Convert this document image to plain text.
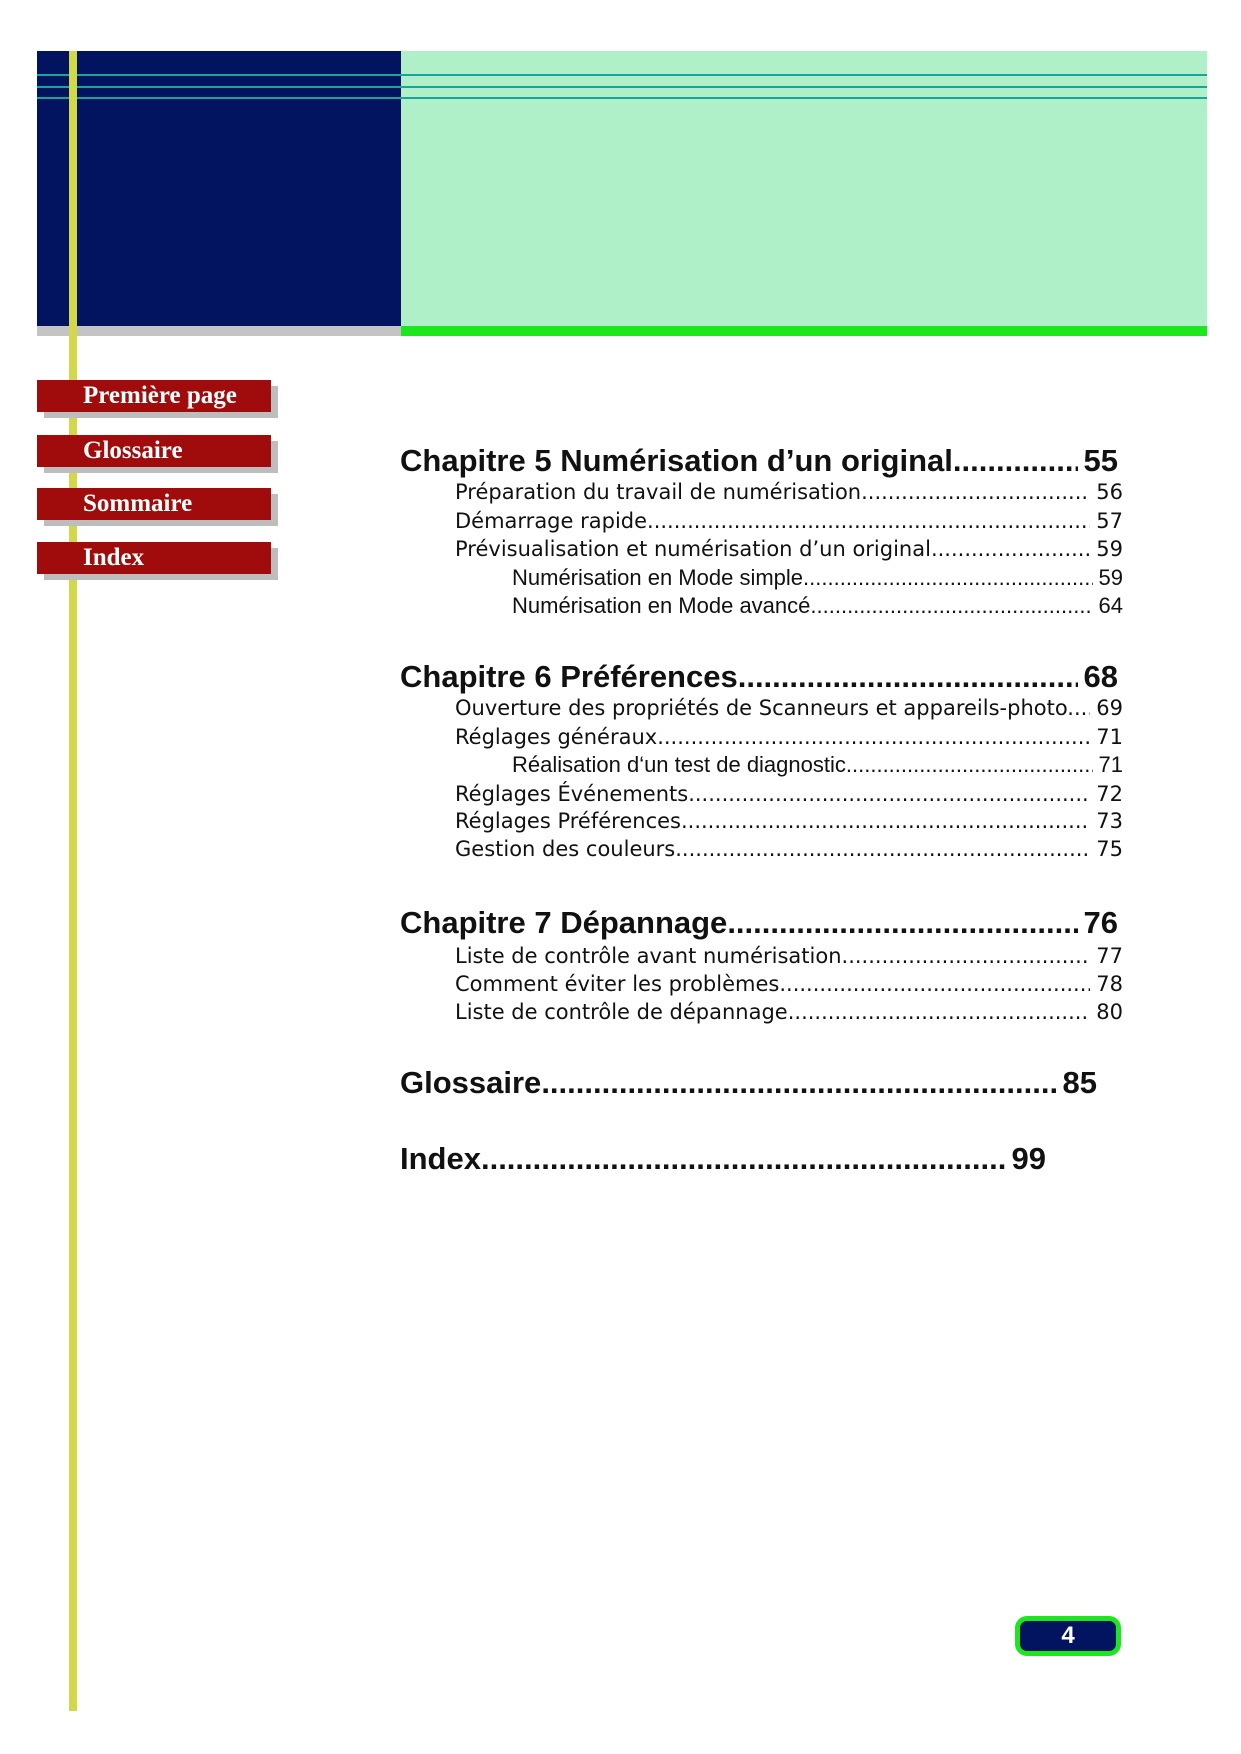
Première page
Glossaire
Sommaire
Index
Chapitre 5 Numérisation d’un original .....	55
Préparation du travail de numérisation .....	56
Démarrage rapide .....	57
Prévisualisation et numérisation d’un original .....	59
Numérisation en Mode simple .....	59
Numérisation en Mode avancé .....	64
Chapitre 6 Préférences .....	68
Ouverture des propriétés de Scanneurs et appareils-photo. ..... 69
Réglages généraux .....	71
Réalisation d‘un test de diagnostic .....	71
Réglages Événements .....	72
Réglages Préférences .....	73
Gestion des couleurs .....	75
Chapitre 7 Dépannage .....	76
Liste de contrôle avant numérisation .....	77
Comment éviter les problèmes .....	78
Liste de contrôle de dépannage .....	80
Glossaire .....	85
Index .....	99
4
